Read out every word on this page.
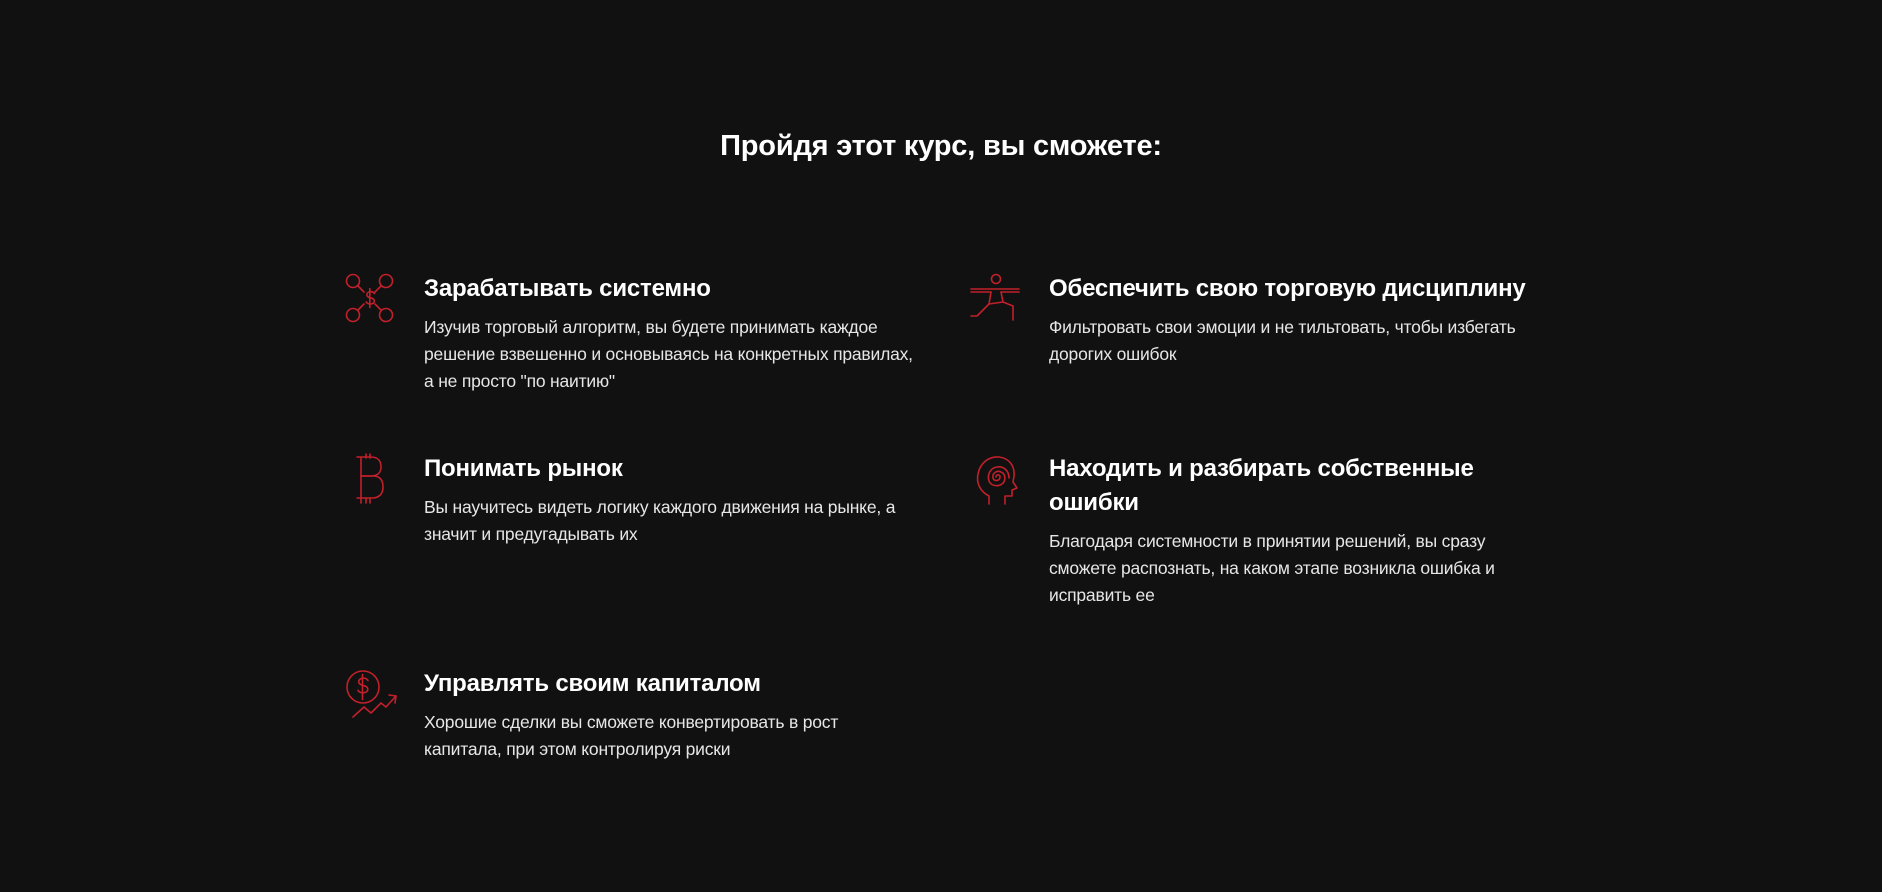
Пройдя этот курс, вы сможете:
Зарабатывать системно

Изучив торговый алгоритм, вы будете принимать каждое решение взвешенно и основываясь на конкретных правилах, а не просто "по наитию"

Обеспечить свою торговую дисциплину

Фильтровать свои эмоции и не тильтовать, чтобы избегать дорогих ошибок

Понимать рынок

Вы научитесь видеть логику каждого движения на рынке, а значит и предугадывать их

Находить и разбирать собственные ошибки

Благодаря системности в принятии решений, вы сразу сможете распознать, на каком этапе возникла ошибка и исправить ее

Управлять своим капиталом

Хорошие сделки вы сможете конвертировать в рост капитала, при этом контролируя риски
